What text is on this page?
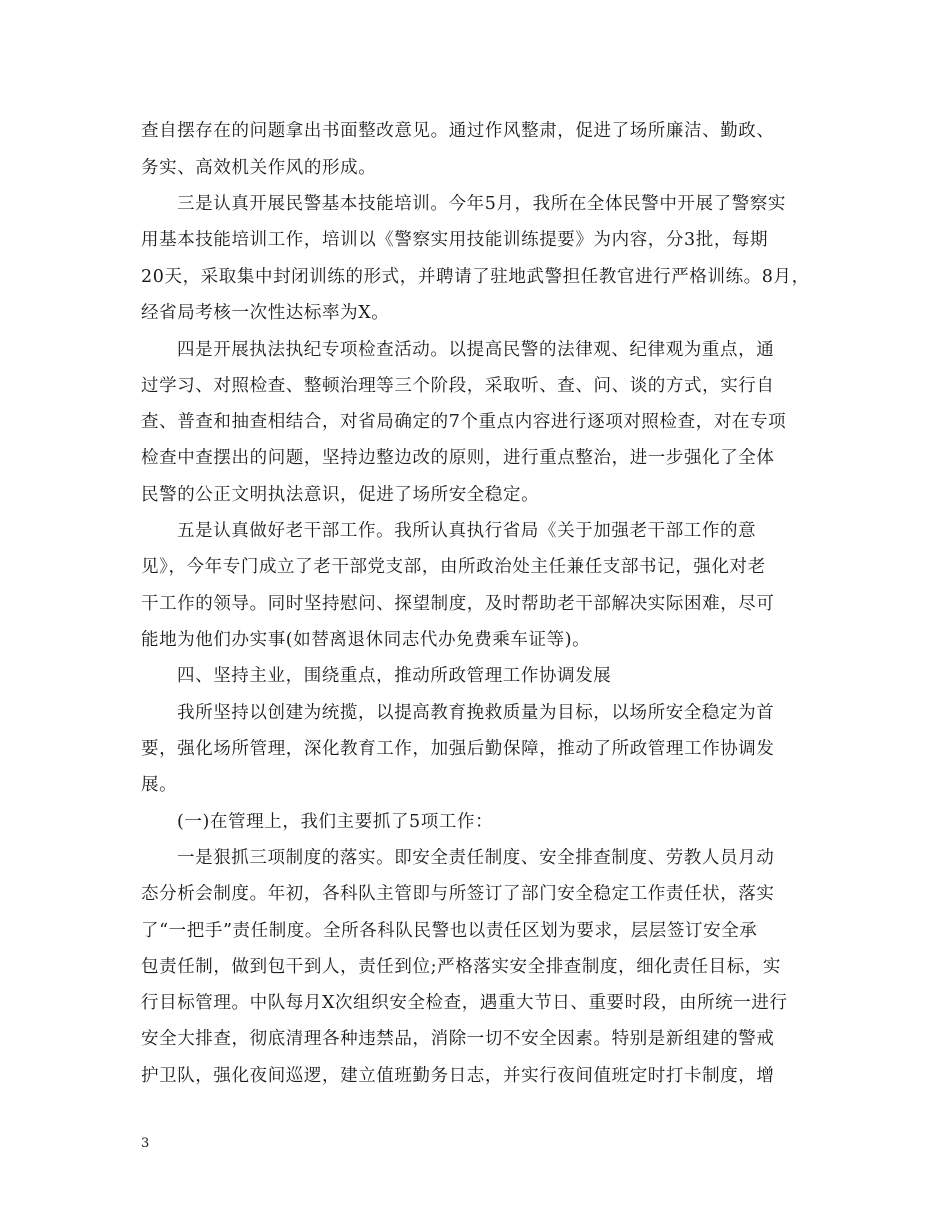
查自摆存在的问题拿出书面整改意见。通过作风整肃，促进了场所廉洁、勤政、
务实、高效机关作风的形成。
三是认真开展民警基本技能培训。今年5月，我所在全体民警中开展了警察实
用基本技能培训工作，培训以《警察实用技能训练提要》为内容，分3批，每期
20天，采取集中封闭训练的形式，并聘请了驻地武警担任教官进行严格训练。8月，
经省局考核一次性达标率为X。
四是开展执法执纪专项检查活动。以提高民警的法律观、纪律观为重点，通
过学习、对照检查、整顿治理等三个阶段，采取听、查、问、谈的方式，实行自
查、普查和抽查相结合，对省局确定的7个重点内容进行逐项对照检查，对在专项
检查中查摆出的问题，坚持边整边改的原则，进行重点整治，进一步强化了全体
民警的公正文明执法意识，促进了场所安全稳定。
五是认真做好老干部工作。我所认真执行省局《关于加强老干部工作的意
见》，今年专门成立了老干部党支部，由所政治处主任兼任支部书记，强化对老
干工作的领导。同时坚持慰问、探望制度，及时帮助老干部解决实际困难，尽可
能地为他们办实事(如替离退休同志代办免费乘车证等)。
四、坚持主业，围绕重点，推动所政管理工作协调发展
我所坚持以创建为统揽，以提高教育挽救质量为目标，以场所安全稳定为首
要，强化场所管理，深化教育工作，加强后勤保障，推动了所政管理工作协调发
展。
(一)在管理上，我们主要抓了5项工作：
一是狠抓三项制度的落实。即安全责任制度、安全排查制度、劳教人员月动
态分析会制度。年初，各科队主管即与所签订了部门安全稳定工作责任状，落实
了“一把手”责任制度。全所各科队民警也以责任区划为要求，层层签订安全承
包责任制，做到包干到人，责任到位;严格落实安全排查制度，细化责任目标，实
行目标管理。中队每月X次组织安全检查，遇重大节日、重要时段，由所统一进行
安全大排查，彻底清理各种违禁品，消除一切不安全因素。特别是新组建的警戒
护卫队，强化夜间巡逻，建立值班勤务日志，并实行夜间值班定时打卡制度，增
3
